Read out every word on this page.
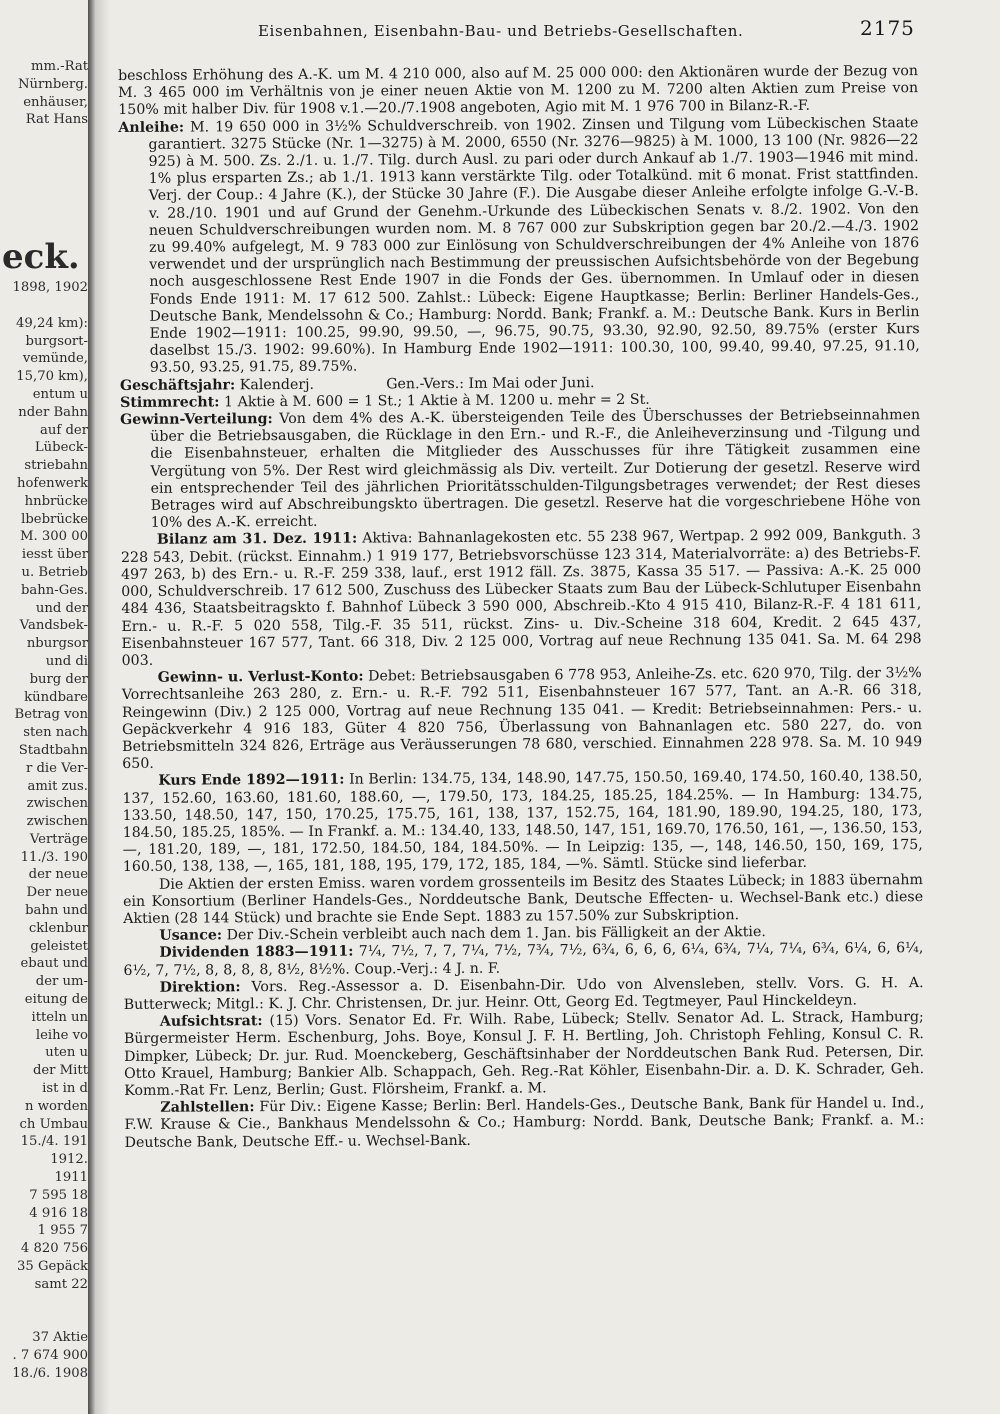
mm.-Rat
Nürnberg.
enhäuser,
Rat Hans
eck.
1898, 1902
49,24 km):
burgsort-
vemünde,
15,70 km),
entum u
nder Bahn
auf der
Lübeck-
striebahn
hofenwerk
hnbrücke
lbebrücke
M. 300 00
iesst über
u. Betrieb
bahn-Ges.
und der
Vandsbek-
nburgsor
und di
burg der
kündbare
Betrag von
sten nach
Stadtbahn
r die Ver-
amit zus.
zwischen
zwischen
Verträge
11./3. 190
der neue
Der neue
bahn und
cklenbur
geleistet
ebaut und
der um-
eitung de
itteln un
leihe vo
uten u
der Mitt
ist in d
n worden
ch Umbau
15./4. 191
1912.
1911
7 595 18
4 916 18
1 955 7
4 820 756
35 Gepäck
samt 22
37 Aktie
. 7 674 900
18./6. 1908
Eisenbahnen, Eisenbahn-Bau- und Betriebs-Gesellschaften.	2175

beschloss Erhöhung des A.-K. um M. 4 210 000, also auf M. 25 000 000: den Aktionären wurde der Bezug von M. 3 465 000 im Verhältnis von je einer neuen Aktie von M. 1200 zu M. 7200 alten Aktien zum Preise von 150% mit halber Div. für 1908 v.1.—20./7.1908 angeboten, Agio mit M. 1 976 700 in Bilanz-R.-F.

Anleihe: M. 19 650 000 in 3½% Schuldverschreib. von 1902. Zinsen und Tilgung vom Lübeckischen Staate garantiert. 3275 Stücke (Nr. 1—3275) à M. 2000, 6550 (Nr. 3276—9825) à M. 1000, 13 100 (Nr. 9826—22 925) à M. 500. Zs. 2./1. u. 1./7. Tilg. durch Ausl. zu pari oder durch Ankauf ab 1./7. 1903—1946 mit mind. 1% plus ersparten Zs.; ab 1./1. 1913 kann verstärkte Tilg. oder Totalkünd. mit 6 monat. Frist stattfinden. Verj. der Coup.: 4 Jahre (K.), der Stücke 30 Jahre (F.). Die Ausgabe dieser Anleihe erfolgte infolge G.-V.-B. v. 28./10. 1901 und auf Grund der Genehm.-Urkunde des Lübeckischen Senats v. 8./2. 1902. Von den neuen Schuldverschreibungen wurden nom. M. 8 767 000 zur Subskription gegen bar 20./2.—4./3. 1902 zu 99.40% aufgelegt, M. 9 783 000 zur Einlösung von Schuldverschreibungen der 4% Anleihe von 1876 verwendet und der ursprünglich nach Bestimmung der preussischen Aufsichtsbehörde von der Begebung noch ausgeschlossene Rest Ende 1907 in die Fonds der Ges. übernommen. In Umlauf oder in diesen Fonds Ende 1911: M. 17 612 500. Zahlst.: Lübeck: Eigene Hauptkasse; Berlin: Berliner Handels-Ges., Deutsche Bank, Mendelssohn & Co.; Hamburg: Nordd. Bank; Frankf. a. M.: Deutsche Bank. Kurs in Berlin Ende 1902—1911: 100.25, 99.90, 99.50, —, 96.75, 90.75, 93.30, 92.90, 92.50, 89.75% (erster Kurs daselbst 15./3. 1902: 99.60%). In Hamburg Ende 1902—1911: 100.30, 100, 99.40, 99.40, 97.25, 91.10, 93.50, 93.25, 91.75, 89.75%.

Geschäftsjahr: Kalenderj.                Gen.-Vers.: Im Mai oder Juni.

Stimmrecht: 1 Aktie à M. 600 = 1 St.; 1 Aktie à M. 1200 u. mehr = 2 St.

Gewinn-Verteilung: Von dem 4% des A.-K. übersteigenden Teile des Überschusses der Betriebseinnahmen über die Betriebsausgaben, die Rücklage in den Ern.- und R.-F., die Anleiheverzinsung und -Tilgung und die Eisenbahnsteuer, erhalten die Mitglieder des Ausschusses für ihre Tätigkeit zusammen eine Vergütung von 5%. Der Rest wird gleichmässig als Div. verteilt. Zur Dotierung der gesetzl. Reserve wird ein entsprechender Teil des jährlichen Prioritätsschulden-Tilgungsbetrages verwendet; der Rest dieses Betrages wird auf Abschreibungskto übertragen. Die gesetzl. Reserve hat die vorgeschriebene Höhe von 10% des A.-K. erreicht.

Bilanz am 31. Dez. 1911: Aktiva: Bahnanlagekosten etc. 55 238 967, Wertpap. 2 992 009, Bankguth. 3 228 543, Debit. (rückst. Einnahm.) 1 919 177, Betriebsvorschüsse 123 314, Materialvorräte: a) des Betriebs-F. 497 263, b) des Ern.- u. R.-F. 259 338, lauf., erst 1912 fäll. Zs. 3875, Kassa 35 517. — Passiva: A.-K. 25 000 000, Schuldverschreib. 17 612 500, Zuschuss des Lübecker Staats zum Bau der Lübeck-Schlutuper Eisenbahn 484 436, Staatsbeitragskto f. Bahnhof Lübeck 3 590 000, Abschreib.-Kto 4 915 410, Bilanz-R.-F. 4 181 611, Ern.- u. R.-F. 5 020 558, Tilg.-F. 35 511, rückst. Zins- u. Div.-Scheine 318 604, Kredit. 2 645 437, Eisenbahnsteuer 167 577, Tant. 66 318, Div. 2 125 000, Vortrag auf neue Rechnung 135 041. Sa. M. 64 298 003.

Gewinn- u. Verlust-Konto: Debet: Betriebsausgaben 6 778 953, Anleihe-Zs. etc. 620 970, Tilg. der 3½% Vorrechtsanleihe 263 280, z. Ern.- u. R.-F. 792 511, Eisenbahnsteuer 167 577, Tant. an A.-R. 66 318, Reingewinn (Div.) 2 125 000, Vortrag auf neue Rechnung 135 041. — Kredit: Betriebseinnahmen: Pers.- u. Gepäckverkehr 4 916 183, Güter 4 820 756, Überlassung von Bahnanlagen etc. 580 227, do. von Betriebsmitteln 324 826, Erträge aus Veräusserungen 78 680, verschied. Einnahmen 228 978. Sa. M. 10 949 650.

Kurs Ende 1892—1911: In Berlin: 134.75, 134, 148.90, 147.75, 150.50, 169.40, 174.50, 160.40, 138.50, 137, 152.60, 163.60, 181.60, 188.60, —, 179.50, 173, 184.25, 185.25, 184.25%. — In Hamburg: 134.75, 133.50, 148.50, 147, 150, 170.25, 175.75, 161, 138, 137, 152.75, 164, 181.90, 189.90, 194.25, 180, 173, 184.50, 185.25, 185%. — In Frankf. a. M.: 134.40, 133, 148.50, 147, 151, 169.70, 176.50, 161, —, 136.50, 153, —, 181.20, 189, —, 181, 172.50, 184.50, 184, 184.50%. — In Leipzig: 135, —, 148, 146.50, 150, 169, 175, 160.50, 138, 138, —, 165, 181, 188, 195, 179, 172, 185, 184, —%. Sämtl. Stücke sind lieferbar.

Die Aktien der ersten Emiss. waren vordem grossenteils im Besitz des Staates Lübeck; in 1883 übernahm ein Konsortium (Berliner Handels-Ges., Norddeutsche Bank, Deutsche Effecten- u. Wechsel-Bank etc.) diese Aktien (28 144 Stück) und brachte sie Ende Sept. 1883 zu 157.50% zur Subskription.

Usance: Der Div.-Schein verbleibt auch nach dem 1. Jan. bis Fälligkeit an der Aktie.

Dividenden 1883—1911: 7¼, 7½, 7, 7, 7¼, 7½, 7¾, 7½, 6¾, 6, 6, 6, 6¼, 6¾, 7¼, 7¼, 6¾, 6¼, 6, 6¼, 6½, 7, 7½, 8, 8, 8, 8, 8½, 8½%. Coup.-Verj.: 4 J. n. F.

Direktion: Vors. Reg.-Assessor a. D. Eisenbahn-Dir. Udo von Alvensleben, stellv. Vors. G. H. A. Butterweck; Mitgl.: K. J. Chr. Christensen, Dr. jur. Heinr. Ott, Georg Ed. Tegtmeyer, Paul Hinckeldeyn.

Aufsichtsrat: (15) Vors. Senator Ed. Fr. Wilh. Rabe, Lübeck; Stellv. Senator Ad. L. Strack, Hamburg; Bürgermeister Herm. Eschenburg, Johs. Boye, Konsul J. F. H. Bertling, Joh. Christoph Fehling, Konsul C. R. Dimpker, Lübeck; Dr. jur. Rud. Moenckeberg, Geschäftsinhaber der Norddeutschen Bank Rud. Petersen, Dir. Otto Krauel, Hamburg; Bankier Alb. Schappach, Geh. Reg.-Rat Köhler, Eisenbahn-Dir. a. D. K. Schrader, Geh. Komm.-Rat Fr. Lenz, Berlin; Gust. Flörsheim, Frankf. a. M.

Zahlstellen: Für Div.: Eigene Kasse; Berlin: Berl. Handels-Ges., Deutsche Bank, Bank für Handel u. Ind., F.W. Krause & Cie., Bankhaus Mendelssohn & Co.; Hamburg: Nordd. Bank, Deutsche Bank; Frankf. a. M.: Deutsche Bank, Deutsche Eff.- u. Wechsel-Bank.
